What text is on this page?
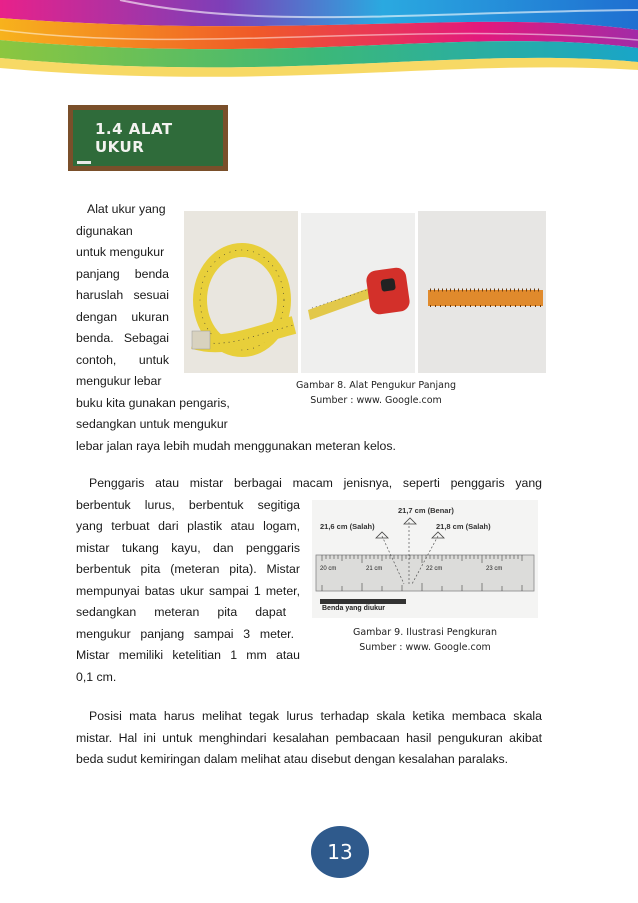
1.4 ALAT UKUR
Alat ukur yang
digunakan
untuk mengukur
panjang benda
haruslah sesuai
dengan ukuran
benda. Sebagai
contoh, untuk
mengukur lebar
buku kita gunakan pengaris,
sedangkan untuk mengukur
lebar jalan raya lebih mudah menggunakan meteran kelos.
Gambar 8. Alat Pengukur Panjang
Sumber : www. Google.com
Penggaris atau mistar berbagai macam jenisnya, seperti penggaris yang
berbentuk lurus, berbentuk segitiga
yang terbuat dari plastik atau logam,
mistar tukang kayu, dan penggaris
berbentuk pita (meteran pita). Mistar
mempunyai batas ukur sampai 1 meter,
sedangkan meteran pita dapat
mengukur panjang sampai 3 meter.
Mistar memiliki ketelitian 1 mm atau
0,1 cm.
21,7 cm (Benar)
21,6 cm (Salah)	21,8 cm (Salah)
20 cm	21 cm	22 cm	23 cm
Benda yang diukur
Gambar 9. Ilustrasi Pengkuran
Sumber : www. Google.com
Posisi mata harus melihat tegak lurus terhadap skala ketika membaca skala
mistar. Hal ini untuk menghindari kesalahan pembacaan hasil pengukuran akibat
beda sudut kemiringan dalam melihat atau disebut dengan kesalahan paralaks.
13
